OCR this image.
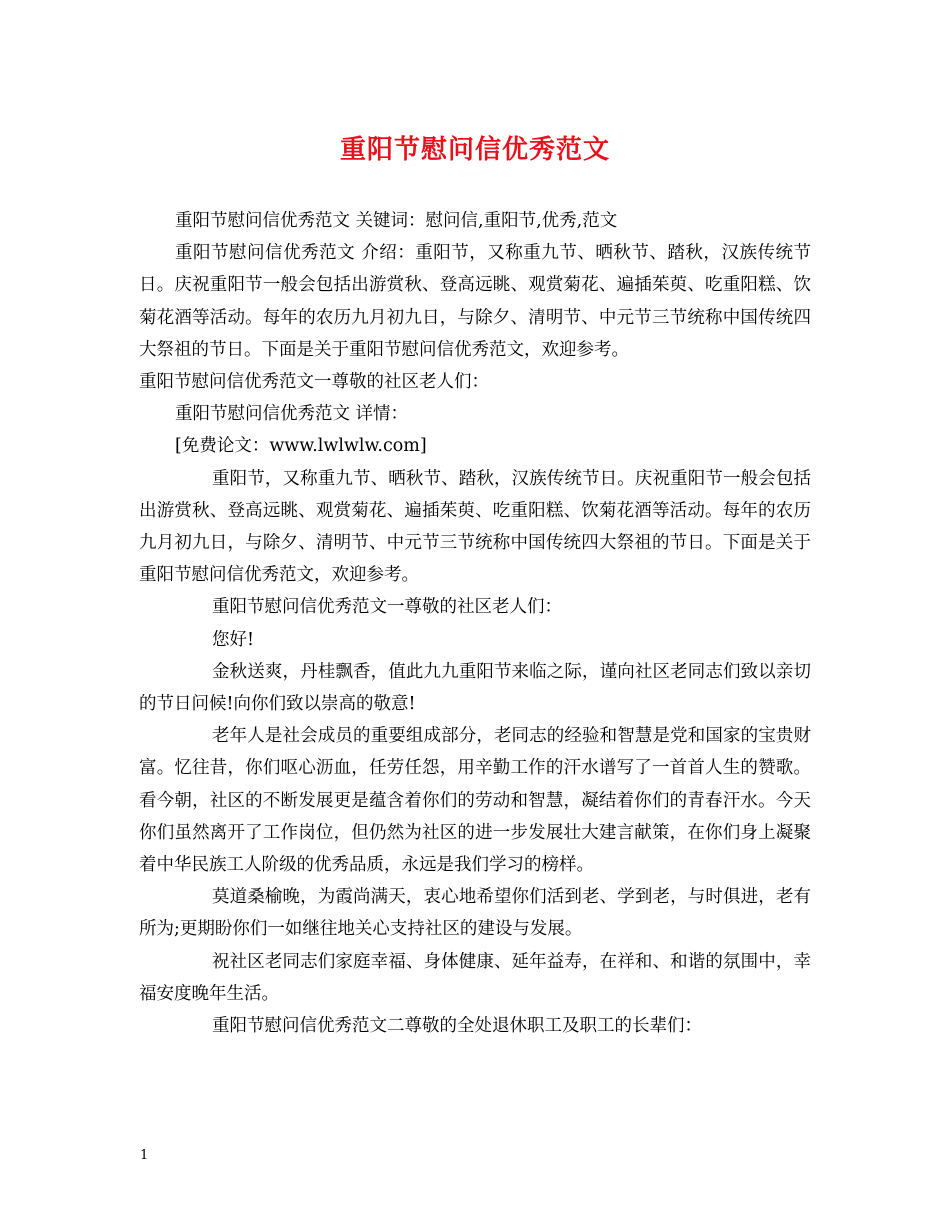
重阳节慰问信优秀范文

重阳节慰问信优秀范文 关键词：慰问信,重阳节,优秀,范文

重阳节慰问信优秀范文 介绍：重阳节，又称重九节、晒秋节、踏秋，汉族传统节日。庆祝重阳节一般会包括出游赏秋、登高远眺、观赏菊花、遍插茱萸、吃重阳糕、饮菊花酒等活动。每年的农历九月初九日，与除夕、清明节、中元节三节统称中国传统四大祭祖的节日。下面是关于重阳节慰问信优秀范文，欢迎参考。

重阳节慰问信优秀范文一尊敬的社区老人们：

重阳节慰问信优秀范文 详情：

[免费论文：www.lwlwlw.com]

重阳节，又称重九节、晒秋节、踏秋，汉族传统节日。庆祝重阳节一般会包括出游赏秋、登高远眺、观赏菊花、遍插茱萸、吃重阳糕、饮菊花酒等活动。每年的农历九月初九日，与除夕、清明节、中元节三节统称中国传统四大祭祖的节日。下面是关于重阳节慰问信优秀范文，欢迎参考。

重阳节慰问信优秀范文一尊敬的社区老人们：

您好!

金秋送爽，丹桂飘香，值此九九重阳节来临之际，谨向社区老同志们致以亲切的节日问候!向你们致以崇高的敬意!

老年人是社会成员的重要组成部分，老同志的经验和智慧是党和国家的宝贵财富。忆往昔，你们呕心沥血，任劳任怨，用辛勤工作的汗水谱写了一首首人生的赞歌。看今朝，社区的不断发展更是蕴含着你们的劳动和智慧，凝结着你们的青春汗水。今天你们虽然离开了工作岗位，但仍然为社区的进一步发展壮大建言献策，在你们身上凝聚着中华民族工人阶级的优秀品质，永远是我们学习的榜样。

莫道桑榆晚，为霞尚满天，衷心地希望你们活到老、学到老，与时俱进，老有所为;更期盼你们一如继往地关心支持社区的建设与发展。

祝社区老同志们家庭幸福、身体健康、延年益寿，在祥和、和谐的氛围中，幸福安度晚年生活。

重阳节慰问信优秀范文二尊敬的全处退休职工及职工的长辈们：

1
